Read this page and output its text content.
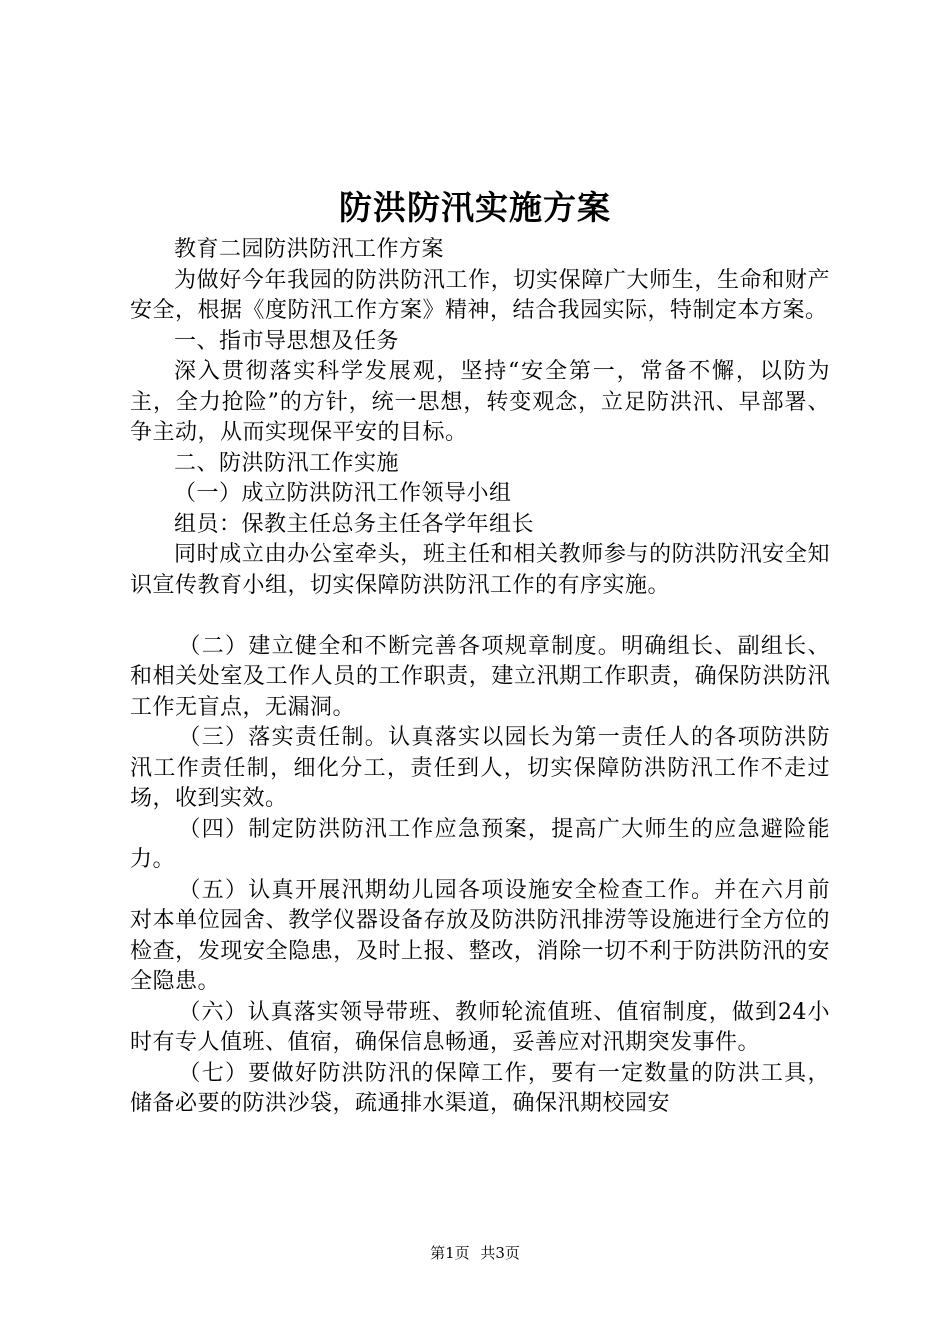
防洪防汛实施方案

教育二园防洪防汛工作方案

为做好今年我园的防洪防汛工作，切实保障广大师生，生命和财产安全，根据《度防汛工作方案》精神，结合我园实际，特制定本方案。

一、指市导思想及任务

深入贯彻落实科学发展观，坚持“安全第一，常备不懈，以防为主，全力抢险”的方针，统一思想，转变观念，立足防洪汛、早部署、争主动，从而实现保平安的目标。

二、防洪防汛工作实施

（一）成立防洪防汛工作领导小组

组员：保教主任总务主任各学年组长

同时成立由办公室牵头，班主任和相关教师参与的防洪防汛安全知识宣传教育小组，切实保障防洪防汛工作的有序实施。

（二）建立健全和不断完善各项规章制度。明确组长、副组长、和相关处室及工作人员的工作职责，建立汛期工作职责，确保防洪防汛工作无盲点，无漏洞。

（三）落实责任制。认真落实以园长为第一责任人的各项防洪防汛工作责任制，细化分工，责任到人，切实保障防洪防汛工作不走过场，收到实效。

（四）制定防洪防汛工作应急预案，提高广大师生的应急避险能力。

（五）认真开展汛期幼儿园各项设施安全检查工作。并在六月前对本单位园舍、教学仪器设备存放及防洪防汛排涝等设施进行全方位的检查，发现安全隐患，及时上报、整改，消除一切不利于防洪防汛的安全隐患。

（六）认真落实领导带班、教师轮流值班、值宿制度，做到24小时有专人值班、值宿，确保信息畅通，妥善应对汛期突发事件。

（七）要做好防洪防汛的保障工作，要有一定数量的防洪工具，储备必要的防洪沙袋，疏通排水渠道，确保汛期校园安

第1页 共3页
